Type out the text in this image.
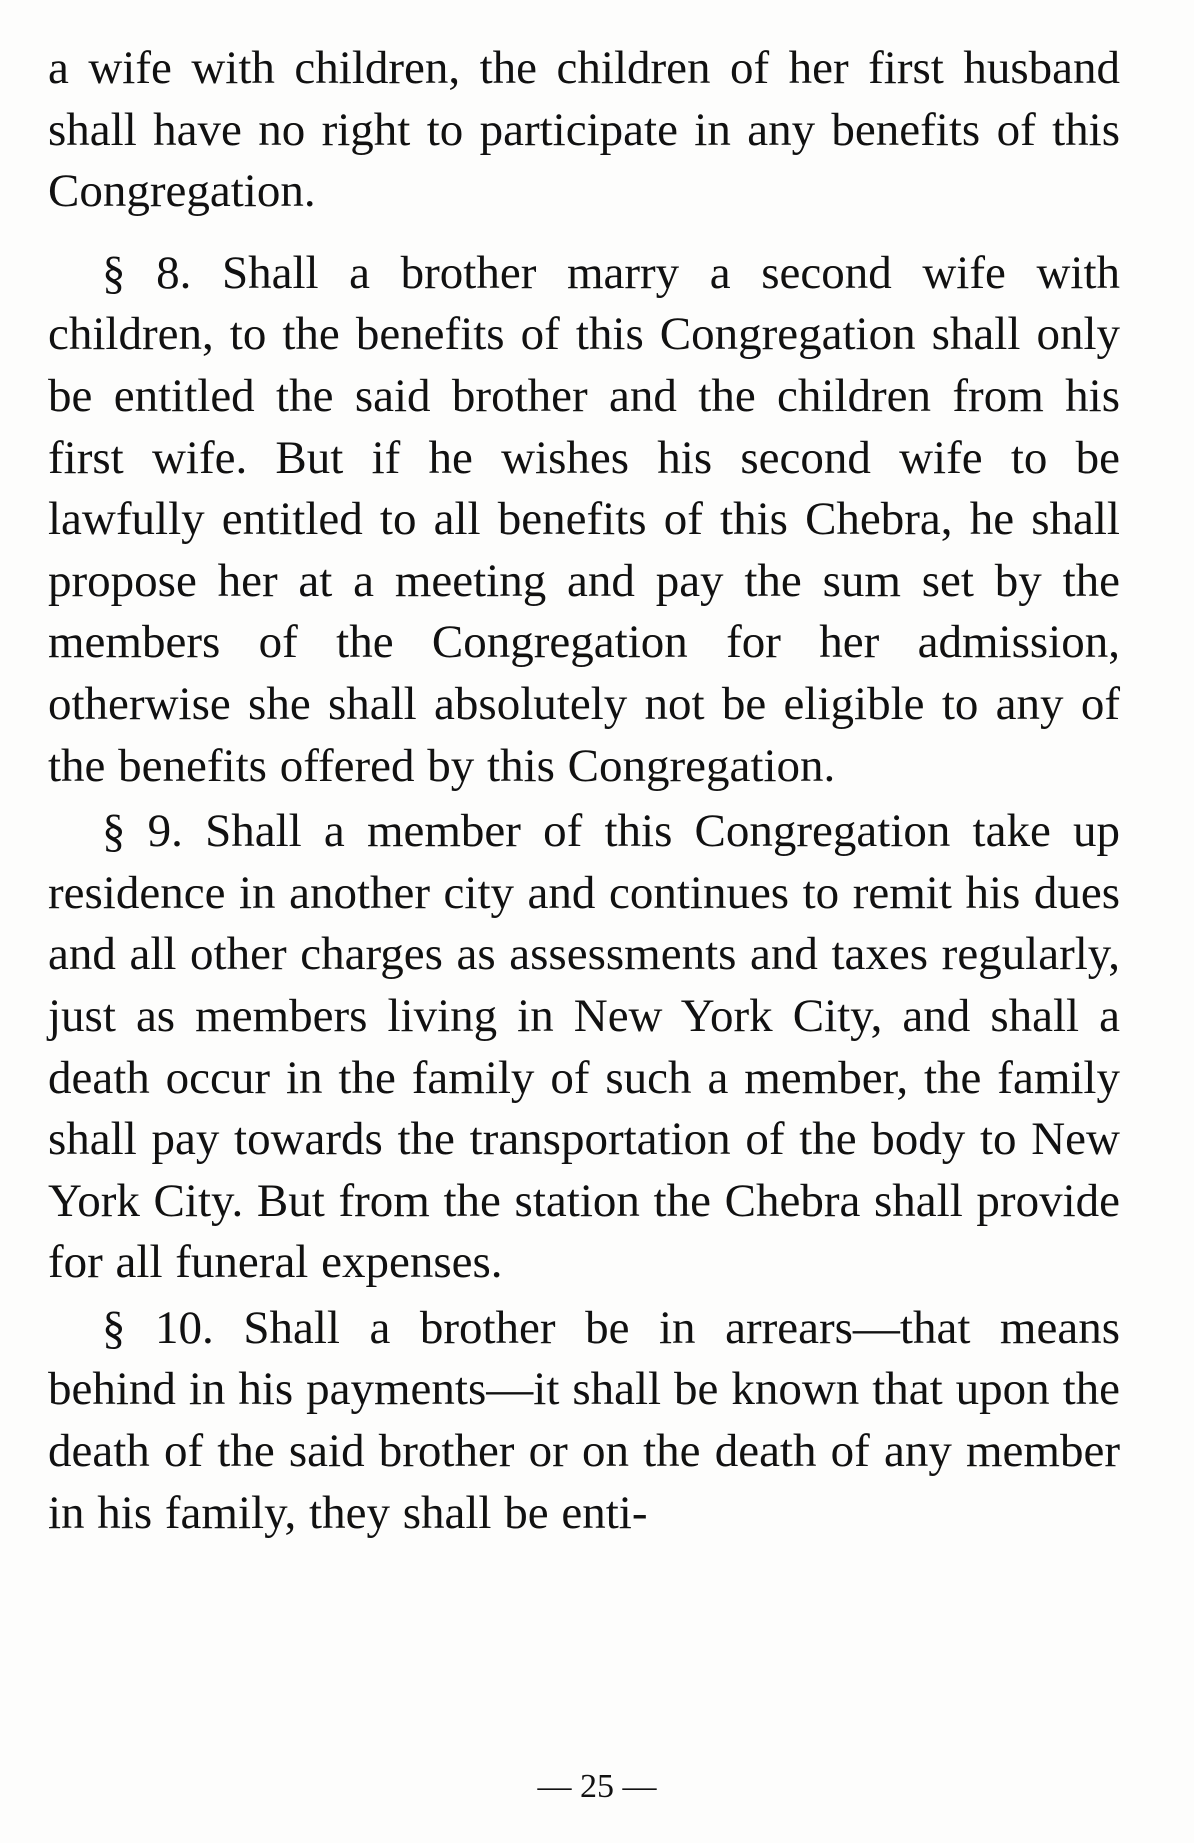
a wife with children, the children of her first husband shall have no right to participate in any benefits of this Congregation.

§ 8. Shall a brother marry a second wife with children, to the benefits of this Congregation shall only be entitled the said brother and the children from his first wife. But if he wishes his second wife to be lawfully entitled to all benefits of this Chebra, he shall propose her at a meeting and pay the sum set by the members of the Congregation for her admission, otherwise she shall absolutely not be eligible to any of the benefits offered by this Congregation.

§ 9. Shall a member of this Congregation take up residence in another city and continues to remit his dues and all other charges as assessments and taxes regularly, just as members living in New York City, and shall a death occur in the family of such a member, the family shall pay towards the transportation of the body to New York City. But from the station the Chebra shall provide for all funeral expenses.

§ 10. Shall a brother be in arrears—that means behind in his payments—it shall be known that upon the death of the said brother or on the death of any member in his family, they shall be enti-

— 25 —
